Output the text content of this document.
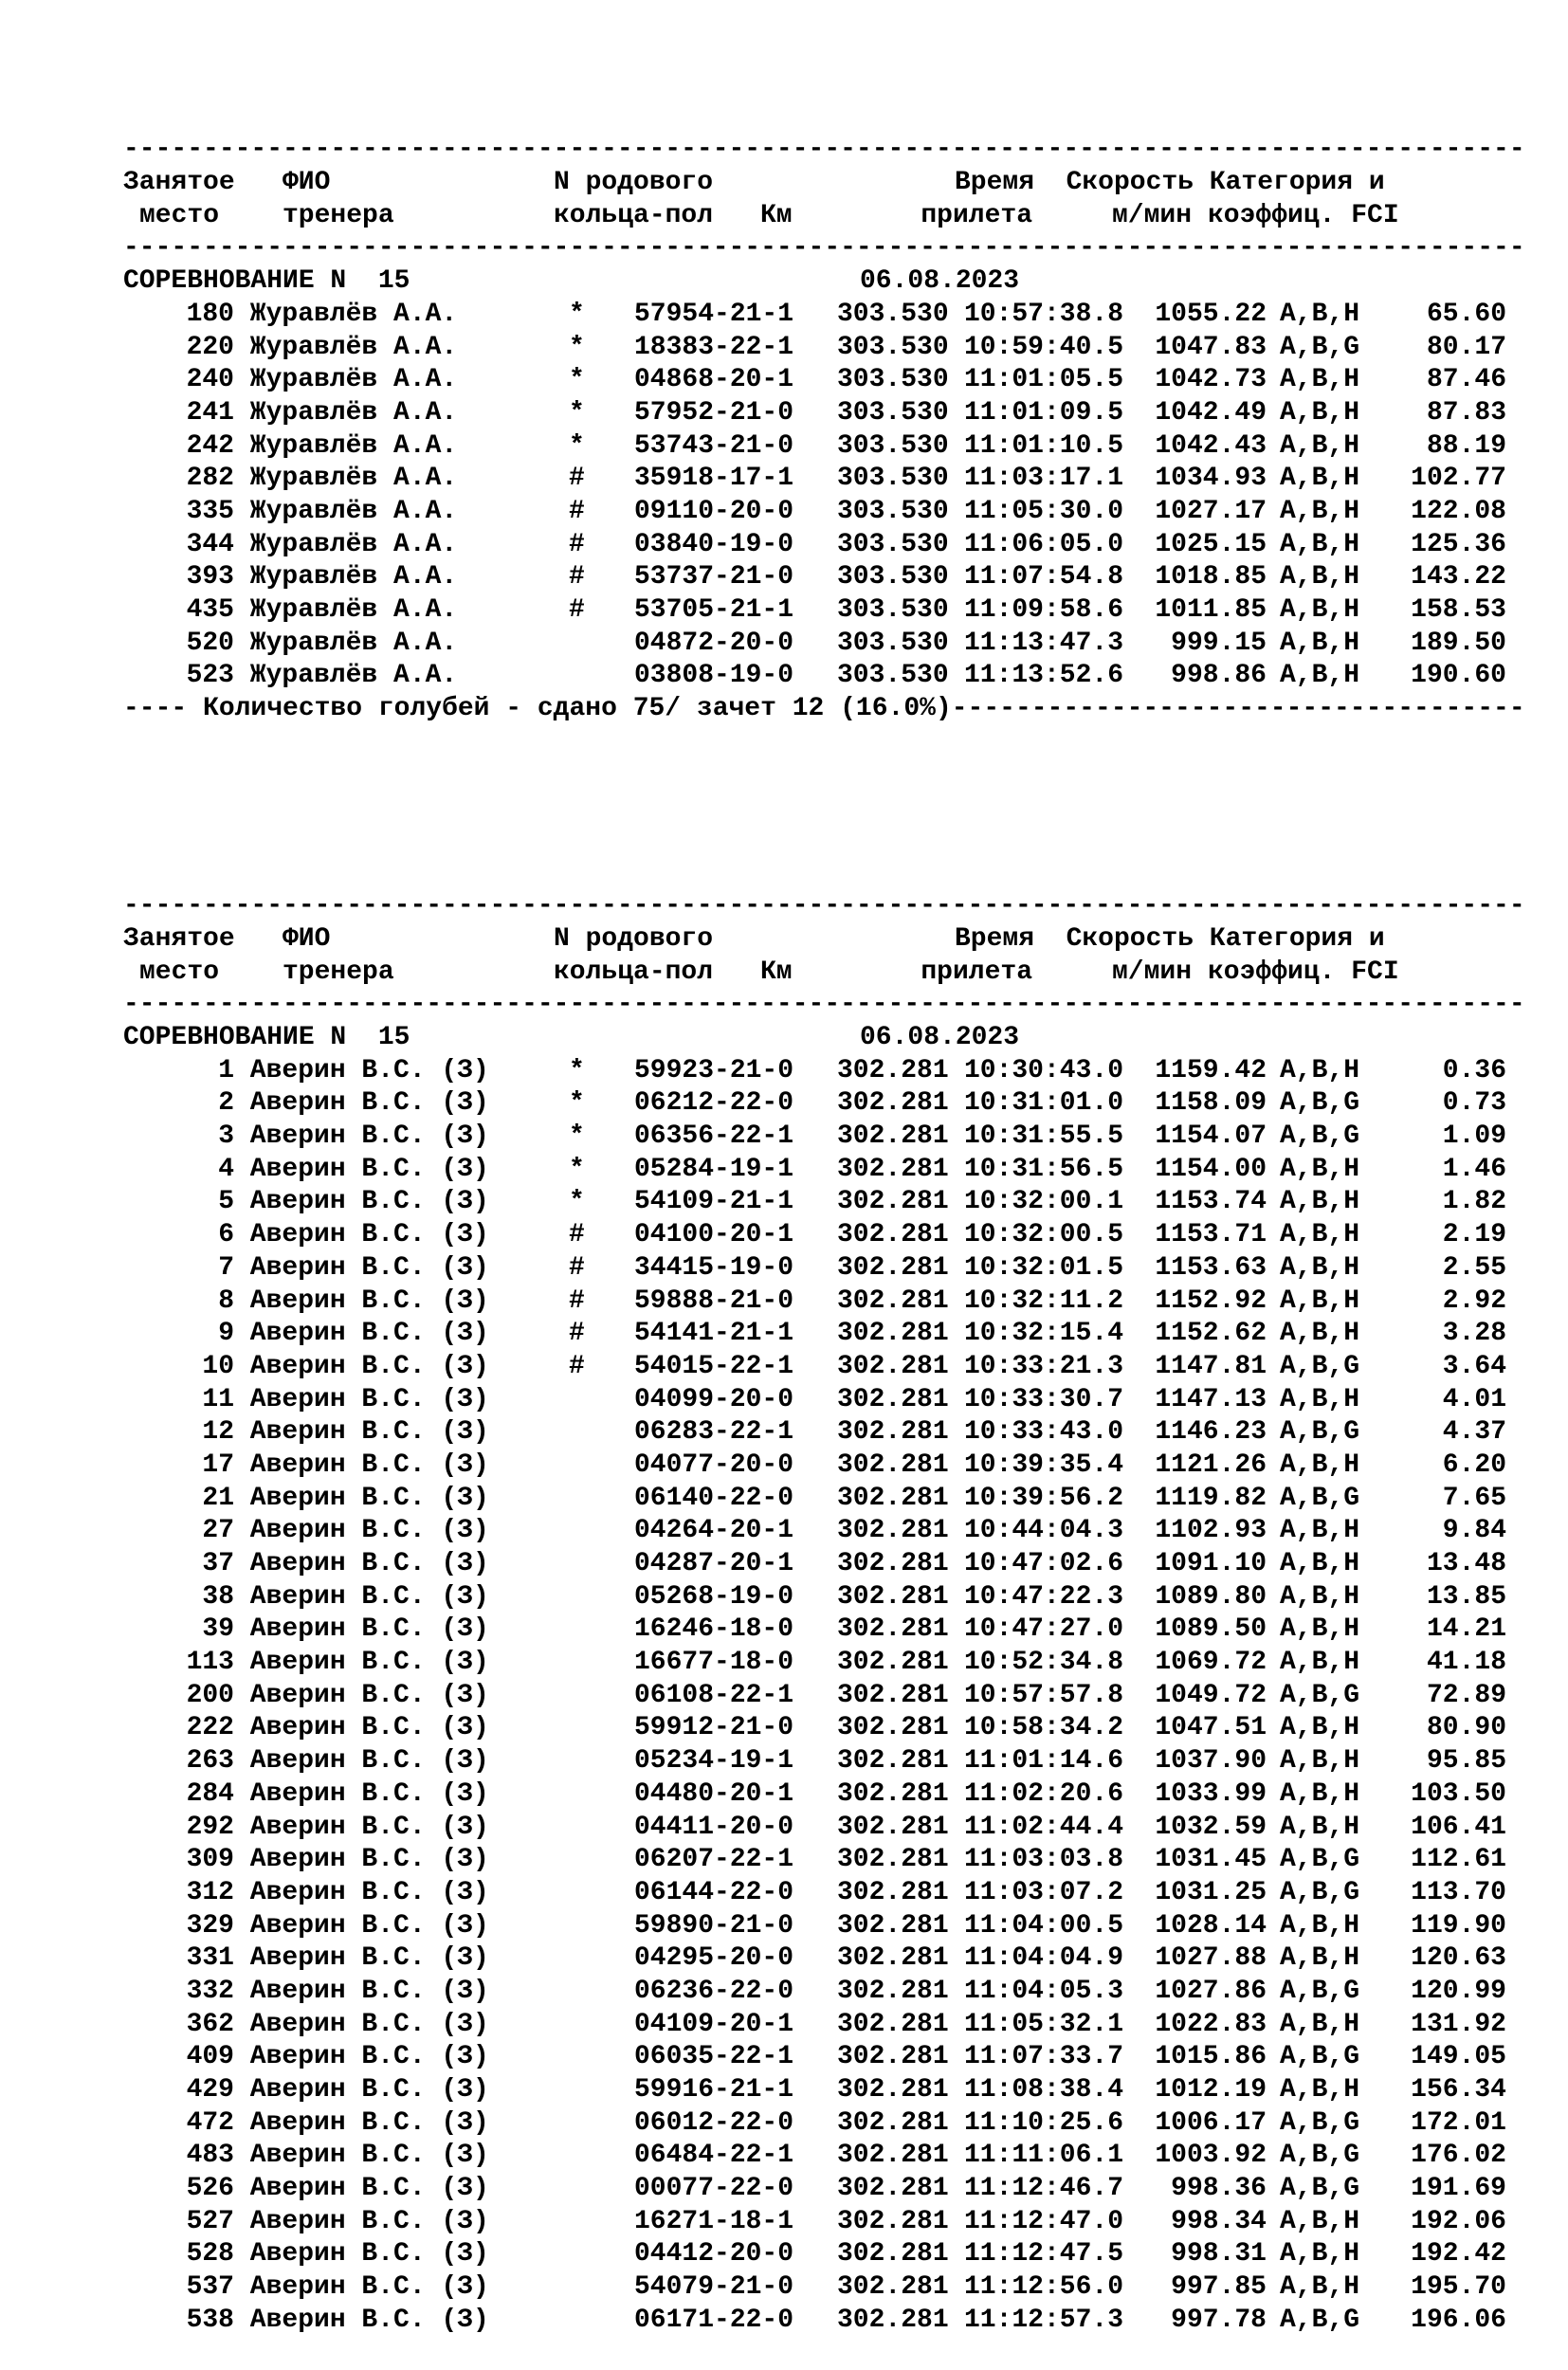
----------------------------------------------------------------------------------------
Занятое ФИО	N родового	Время Скорость Категория и
место тренера	кольца-пол Км	прилета	м/мин коэффиц. FCI
----------------------------------------------------------------------------------------
СОРЕВНОВАНИЕ N  15	06.08.2023
180 Журавлёв А.А.	* 57954-21-1 303.530 10:57:38.8 1055.22 A,B,H	65.60
220 Журавлёв А.А.	* 18383-22-1 303.530 10:59:40.5 1047.83 A,B,G	80.17
240 Журавлёв А.А.	* 04868-20-1 303.530 11:01:05.5 1042.73 A,B,H	87.46
241 Журавлёв А.А.	* 57952-21-0 303.530 11:01:09.5 1042.49 A,B,H	87.83
242 Журавлёв А.А.	* 53743-21-0 303.530 11:01:10.5 1042.43 A,B,H	88.19
282 Журавлёв А.А.	# 35918-17-1 303.530 11:03:17.1 1034.93 A,B,H 102.77
335 Журавлёв А.А.	# 09110-20-0 303.530 11:05:30.0 1027.17 A,B,H 122.08
344 Журавлёв А.А.	# 03840-19-0 303.530 11:06:05.0 1025.15 A,B,H 125.36
393 Журавлёв А.А.	# 53737-21-0 303.530 11:07:54.8 1018.85 A,B,H 143.22
435 Журавлёв А.А.	# 53705-21-1 303.530 11:09:58.6 1011.85 A,B,H 158.53
520 Журавлёв А.А.	04872-20-0 303.530 11:13:47.3 999.15 A,B,H 189.50
523 Журавлёв А.А.	03808-19-0 303.530 11:13:52.6 998.86 A,B,H 190.60
---- Количество голубей - сдано 75/ зачет 12 (16.0%)------------------------------------

----------------------------------------------------------------------------------------
Занятое ФИО	N родового	Время Скорость Категория и
место тренера	кольца-пол Км	прилета	м/мин коэффиц. FCI
----------------------------------------------------------------------------------------
СОРЕВНОВАНИЕ N  15	06.08.2023
1 Аверин В.С. (З)	* 59923-21-0 302.281 10:30:43.0 1159.42 A,B,H	0.36
2 Аверин В.С. (З)	* 06212-22-0 302.281 10:31:01.0 1158.09 A,B,G	0.73
3 Аверин В.С. (З)	* 06356-22-1 302.281 10:31:55.5 1154.07 A,B,G	1.09
4 Аверин В.С. (З)	* 05284-19-1 302.281 10:31:56.5 1154.00 A,B,H	1.46
5 Аверин В.С. (З)	* 54109-21-1 302.281 10:32:00.1 1153.74 A,B,H	1.82
6 Аверин В.С. (З)	# 04100-20-1 302.281 10:32:00.5 1153.71 A,B,H	2.19
7 Аверин В.С. (З)	# 34415-19-0 302.281 10:32:01.5 1153.63 A,B,H	2.55
8 Аверин В.С. (З)	# 59888-21-0 302.281 10:32:11.2 1152.92 A,B,H	2.92
9 Аверин В.С. (З)	# 54141-21-1 302.281 10:32:15.4 1152.62 A,B,H	3.28
10 Аверин В.С. (З)	# 54015-22-1 302.281 10:33:21.3 1147.81 A,B,G	3.64
11 Аверин В.С. (З)	04099-20-0 302.281 10:33:30.7 1147.13 A,B,H	4.01
12 Аверин В.С. (З)	06283-22-1 302.281 10:33:43.0 1146.23 A,B,G	4.37
17 Аверин В.С. (З)	04077-20-0 302.281 10:39:35.4 1121.26 A,B,H	6.20
21 Аверин В.С. (З)	06140-22-0 302.281 10:39:56.2 1119.82 A,B,G	7.65
27 Аверин В.С. (З)	04264-20-1 302.281 10:44:04.3 1102.93 A,B,H	9.84
37 Аверин В.С. (З)	04287-20-1 302.281 10:47:02.6 1091.10 A,B,H	13.48
38 Аверин В.С. (З)	05268-19-0 302.281 10:47:22.3 1089.80 A,B,H	13.85
39 Аверин В.С. (З)	16246-18-0 302.281 10:47:27.0 1089.50 A,B,H	14.21
113 Аверин В.С. (З)	16677-18-0 302.281 10:52:34.8 1069.72 A,B,H	41.18
200 Аверин В.С. (З)	06108-22-1 302.281 10:57:57.8 1049.72 A,B,G	72.89
222 Аверин В.С. (З)	59912-21-0 302.281 10:58:34.2 1047.51 A,B,H	80.90
263 Аверин В.С. (З)	05234-19-1 302.281 11:01:14.6 1037.90 A,B,H	95.85
284 Аверин В.С. (З)	04480-20-1 302.281 11:02:20.6 1033.99 A,B,H 103.50
292 Аверин В.С. (З)	04411-20-0 302.281 11:02:44.4 1032.59 A,B,H 106.41
309 Аверин В.С. (З)	06207-22-1 302.281 11:03:03.8 1031.45 A,B,G 112.61
312 Аверин В.С. (З)	06144-22-0 302.281 11:03:07.2 1031.25 A,B,G 113.70
329 Аверин В.С. (З)	59890-21-0 302.281 11:04:00.5 1028.14 A,B,H 119.90
331 Аверин В.С. (З)	04295-20-0 302.281 11:04:04.9 1027.88 A,B,H 120.63
332 Аверин В.С. (З)	06236-22-0 302.281 11:04:05.3 1027.86 A,B,G 120.99
362 Аверин В.С. (З)	04109-20-1 302.281 11:05:32.1 1022.83 A,B,H 131.92
409 Аверин В.С. (З)	06035-22-1 302.281 11:07:33.7 1015.86 A,B,G 149.05
429 Аверин В.С. (З)	59916-21-1 302.281 11:08:38.4 1012.19 A,B,H 156.34
472 Аверин В.С. (З)	06012-22-0 302.281 11:10:25.6 1006.17 A,B,G 172.01
483 Аверин В.С. (З)	06484-22-1 302.281 11:11:06.1 1003.92 A,B,G 176.02
526 Аверин В.С. (З)	00077-22-0 302.281 11:12:46.7 998.36 A,B,G 191.69
527 Аверин В.С. (З)	16271-18-1 302.281 11:12:47.0 998.34 A,B,H 192.06
528 Аверин В.С. (З)	04412-20-0 302.281 11:12:47.5 998.31 A,B,H 192.42
537 Аверин В.С. (З)	54079-21-0 302.281 11:12:56.0 997.85 A,B,H 195.70
538 Аверин В.С. (З)	06171-22-0 302.281 11:12:57.3 997.78 A,B,G 196.06
